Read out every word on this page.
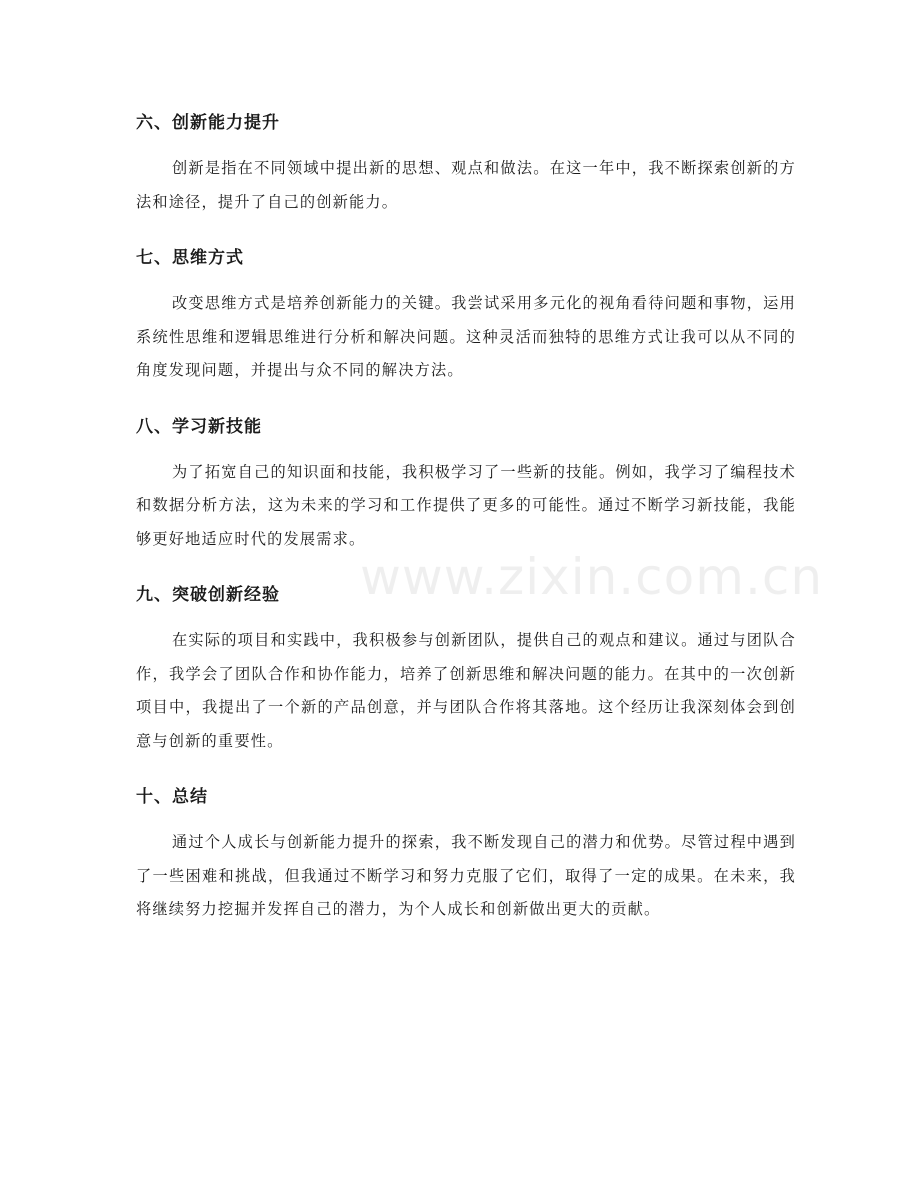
六、创新能力提升

创新是指在不同领域中提出新的思想、观点和做法。在这一年中，我不断探索创新的方法和途径，提升了自己的创新能力。

七、思维方式

改变思维方式是培养创新能力的关键。我尝试采用多元化的视角看待问题和事物，运用系统性思维和逻辑思维进行分析和解决问题。这种灵活而独特的思维方式让我可以从不同的角度发现问题，并提出与众不同的解决方法。

八、学习新技能

为了拓宽自己的知识面和技能，我积极学习了一些新的技能。例如，我学习了编程技术和数据分析方法，这为未来的学习和工作提供了更多的可能性。通过不断学习新技能，我能够更好地适应时代的发展需求。

九、突破创新经验

在实际的项目和实践中，我积极参与创新团队，提供自己的观点和建议。通过与团队合作，我学会了团队合作和协作能力，培养了创新思维和解决问题的能力。在其中的一次创新项目中，我提出了一个新的产品创意，并与团队合作将其落地。这个经历让我深刻体会到创意与创新的重要性。

十、总结

通过个人成长与创新能力提升的探索，我不断发现自己的潜力和优势。尽管过程中遇到了一些困难和挑战，但我通过不断学习和努力克服了它们，取得了一定的成果。在未来，我将继续努力挖掘并发挥自己的潜力，为个人成长和创新做出更大的贡献。

www.zixin.com.cn
